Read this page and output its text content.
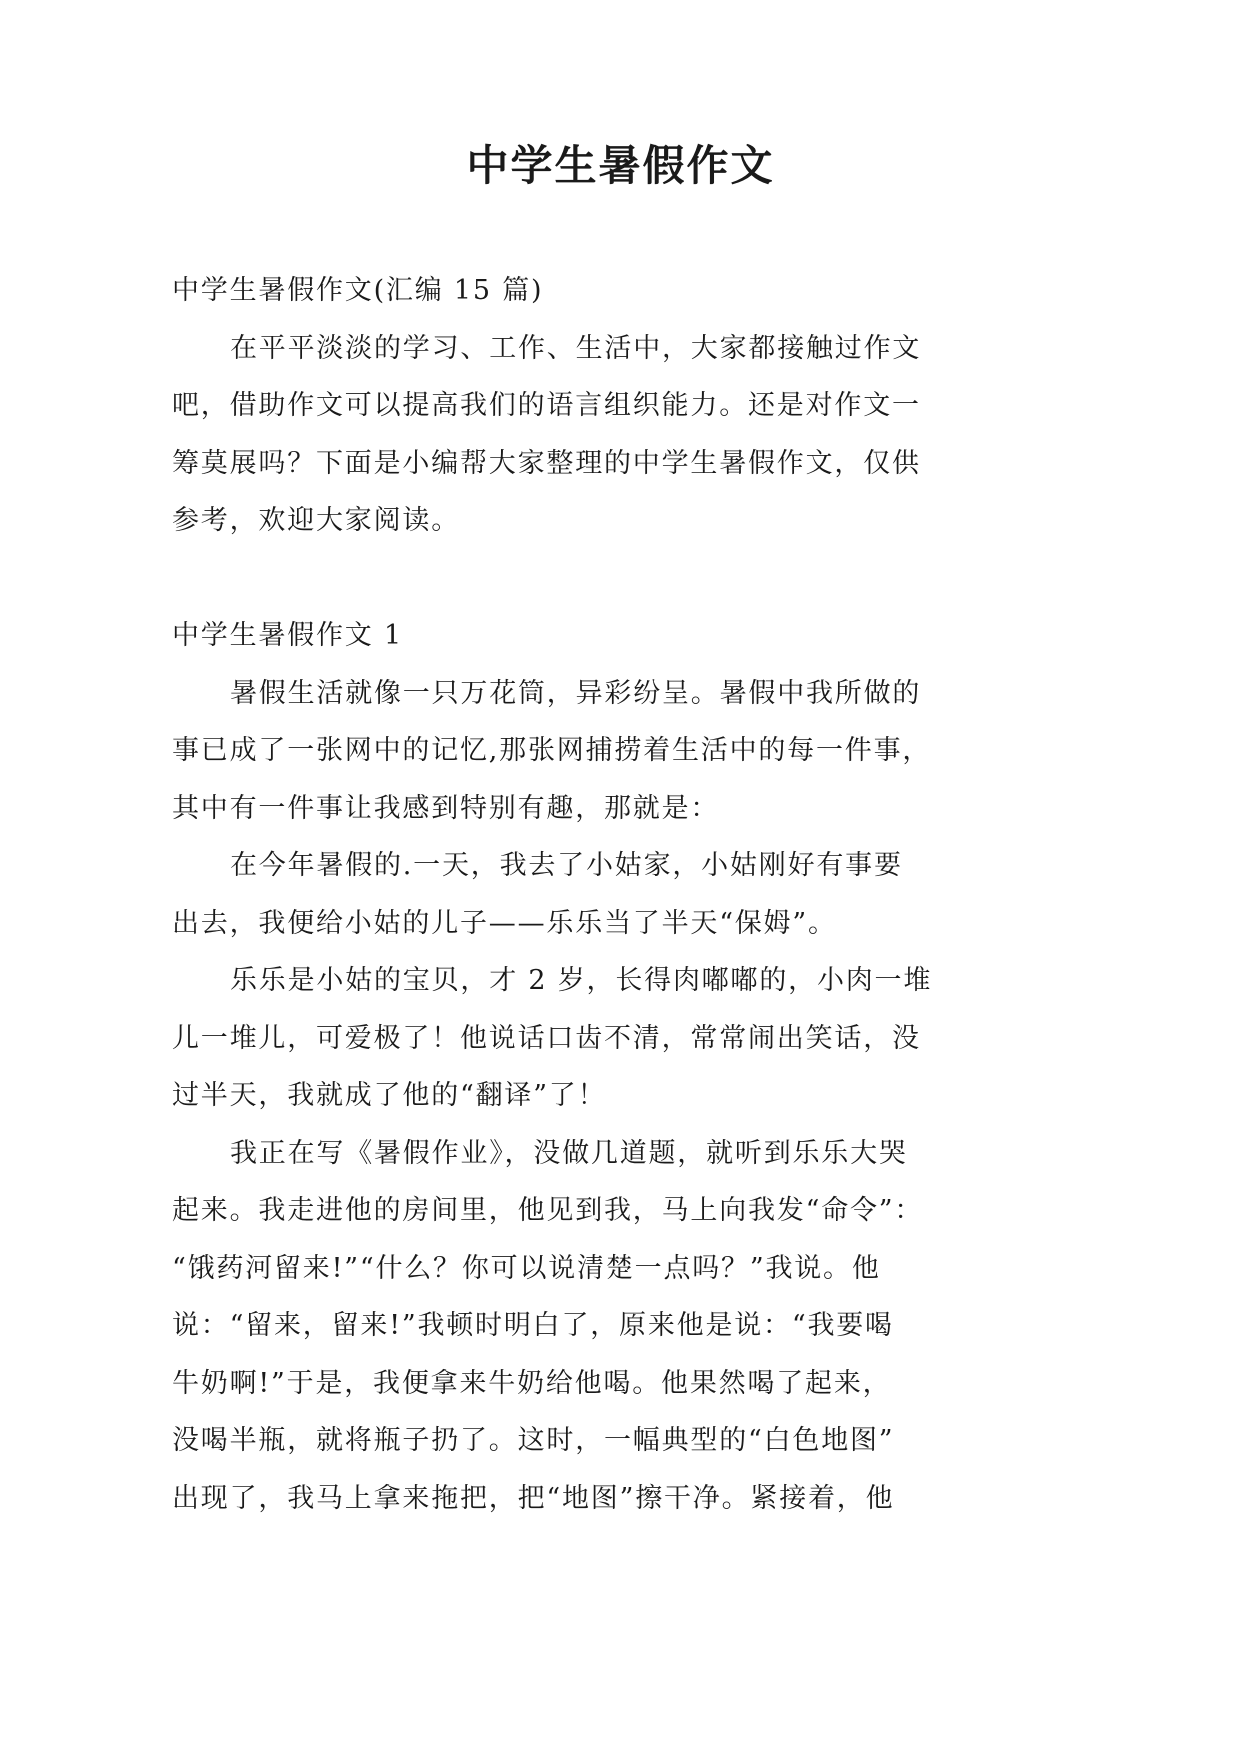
中学生暑假作文

中学生暑假作文(汇编 15 篇)

在平平淡淡的学习、工作、生活中，大家都接触过作文

吧，借助作文可以提高我们的语言组织能力。还是对作文一

筹莫展吗？下面是小编帮大家整理的中学生暑假作文，仅供

参考，欢迎大家阅读。

中学生暑假作文 1

暑假生活就像一只万花筒，异彩纷呈。暑假中我所做的

事已成了一张网中的记忆,那张网捕捞着生活中的每一件事，

其中有一件事让我感到特别有趣，那就是：

在今年暑假的.一天，我去了小姑家，小姑刚好有事要

出去，我便给小姑的儿子——乐乐当了半天“保姆”。

乐乐是小姑的宝贝，才 2 岁，长得肉嘟嘟的，小肉一堆

儿一堆儿，可爱极了！他说话口齿不清，常常闹出笑话，没

过半天，我就成了他的“翻译”了！

我正在写《暑假作业》，没做几道题，就听到乐乐大哭

起来。我走进他的房间里，他见到我，马上向我发“命令”：

“饿药河留来!”“什么？你可以说清楚一点吗？”我说。他

说：“留来，留来!”我顿时明白了，原来他是说：“我要喝

牛奶啊!”于是，我便拿来牛奶给他喝。他果然喝了起来，

没喝半瓶，就将瓶子扔了。这时，一幅典型的“白色地图”

出现了，我马上拿来拖把，把“地图”擦干净。紧接着，他
